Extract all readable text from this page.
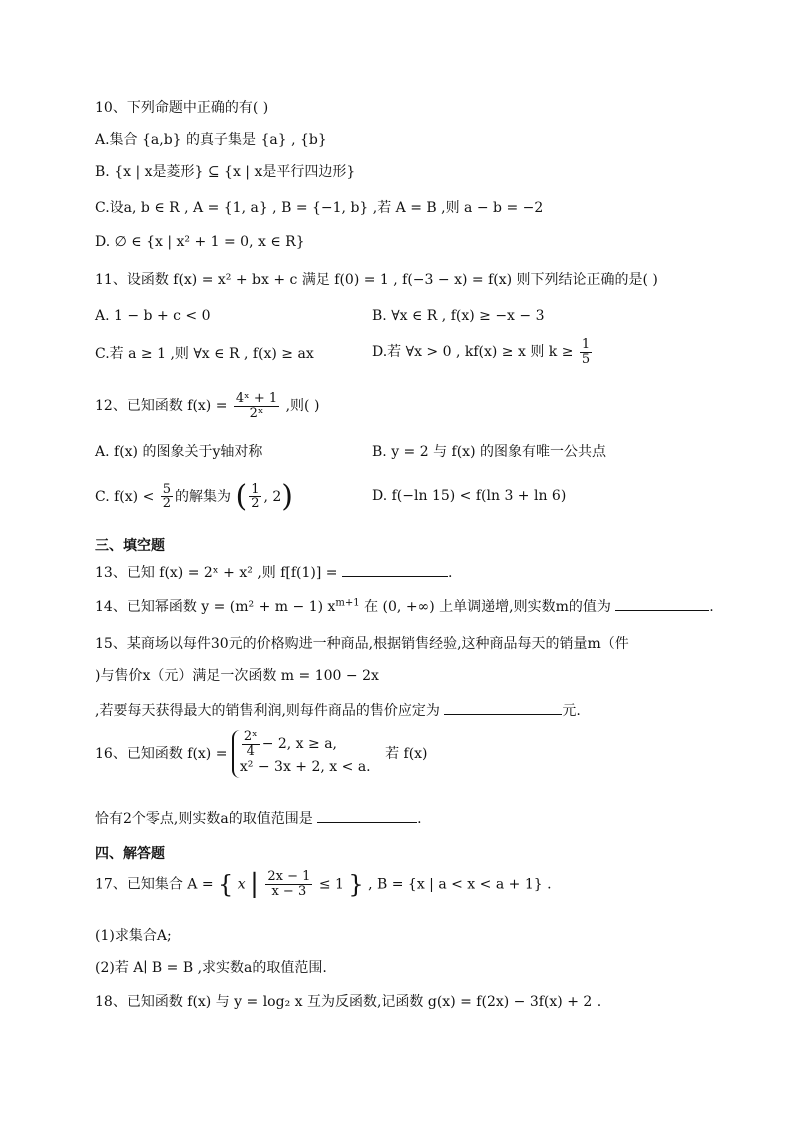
10、下列命题中正确的有( )
A.集合 {a,b} 的真子集是 {a} , {b}
B. {x | x是菱形} ⊆ {x | x是平行四边形}
C.设a, b ∈ R , A = {1, a} , B = {−1, b} ,若 A = B ,则 a − b = −2
D. ∅ ∈ {x | x² + 1 = 0, x ∈ R}
11、设函数 f(x) = x² + bx + c 满足 f(0) = 1 , f(−3 − x) = f(x) 则下列结论正确的是( )
A. 1 − b + c < 0	B. ∀x ∈ R , f(x) ≥ −x − 3
C.若 a ≥ 1 ,则 ∀x ∈ R , f(x) ≥ ax	D.若 ∀x > 0 , kf(x) ≥ x 则 $k \ge \frac{1}{5}$
12、已知函数 $f(x) = \frac{\text{4ˣ + 1}}{\text{2ˣ}}$ ,则( )
A. f(x) 的图象关于y轴对称	B. y = 2 与 f(x) 的图象有唯一公共点
C. $f(x) < \frac{5}{2}$ 的解集为 ( $\frac{1}{2}$ , 2)	D. f(−ln 15) < f(ln 3 + ln 6)
三、填空题
13、已知 f(x) = 2ˣ + x² ,则 f[f(1)] =	.
14、已知幂函数 y = (m² + m − 1) $x^{m+1}$ 在 (0, +∞) 上单调递增,则实数m的值为	.
15、某商场以每件30元的价格购进一种商品,根据销售经验,这种商品每天的销量m（件
)与售价x（元）满足一次函数 m = 100 − 2x
,若要每天获得最大的销售利润,则每件商品的售价应定为	元.
16、已知函数 $f(x) = \frac{\text{2ˣ}}{4} - 2$, x ≥ a,
x² − 3x + 2, x < a.
若 f(x)
恰有2个零点,则实数a的取值范围是	.
四、解答题
17、已知集合 A = { x | $\frac{2x - 1}{x - 3} \le 1$ } , B = {x | a < x < a + 1} .
(1)求集合A;
(2)若 A∣ B = B ,求实数a的取值范围.
18、已知函数 f(x) 与 y = log₂ x 互为反函数,记函数 g(x) = f(2x) − 3f(x) + 2 .
